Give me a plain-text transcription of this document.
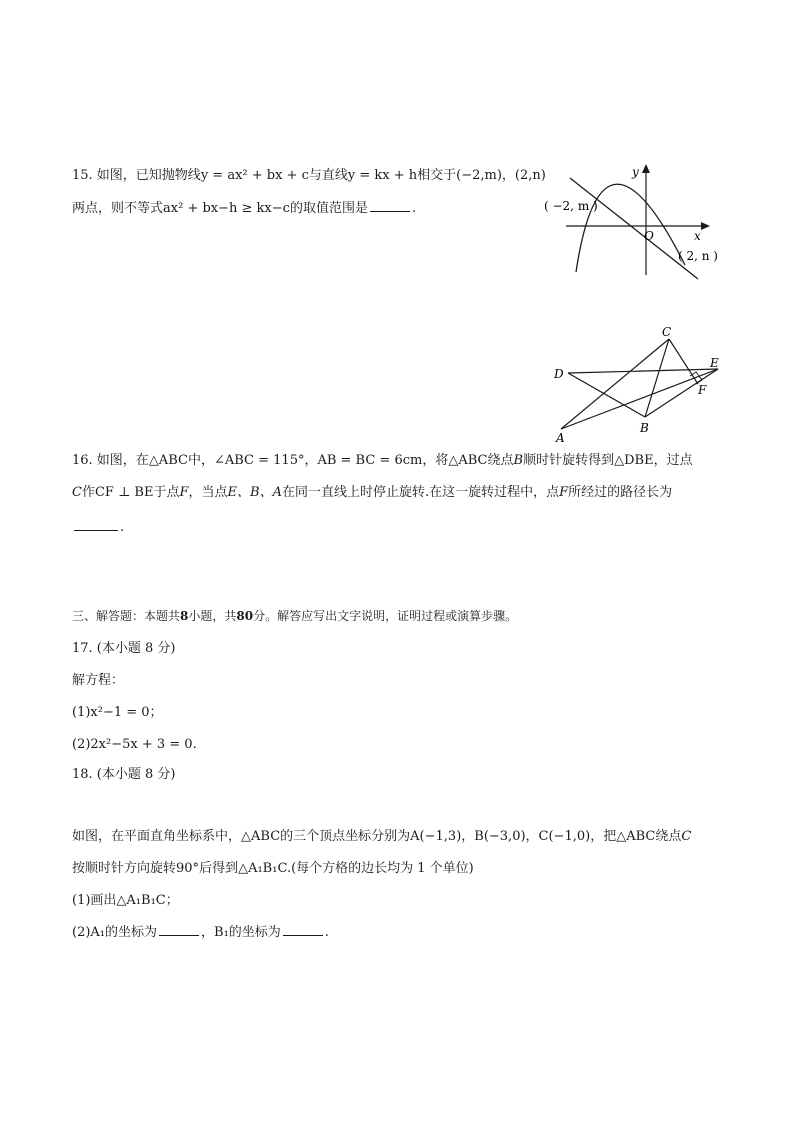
15. 如图，已知抛物线y = ax² + bx + c与直线y = kx + h相交于(−2,m)，(2,n)
两点，则不等式ax² + bx−h ≥ kx−c的取值范围是	.
y
x
O
( −2, m )
( 2, n )
C
D
E
F
A
B
16. 如图，在△ABC中，∠ABC = 115°，AB = BC = 6cm，将△ABC绕点B顺时针旋转得到△DBE，过点
C作CF ⊥ BE于点F，当点E、B、A在同一直线上时停止旋转.在这一旋转过程中，点F所经过的路径长为
.
三、解答题：本题共8小题，共80分。解答应写出文字说明，证明过程或演算步骤。
17. (本小题 8 分)
解方程：
(1)x²−1 = 0；
(2)2x²−5x + 3 = 0.
18. (本小题 8 分)
如图，在平面直角坐标系中，△ABC的三个顶点坐标分别为A(−1,3)，B(−3,0)，C(−1,0)，把△ABC绕点C
按顺时针方向旋转90°后得到△A₁B₁C.(每个方格的边长均为 1 个单位)
(1)画出△A₁B₁C；
(2)A₁的坐标为	，B₁的坐标为	.
